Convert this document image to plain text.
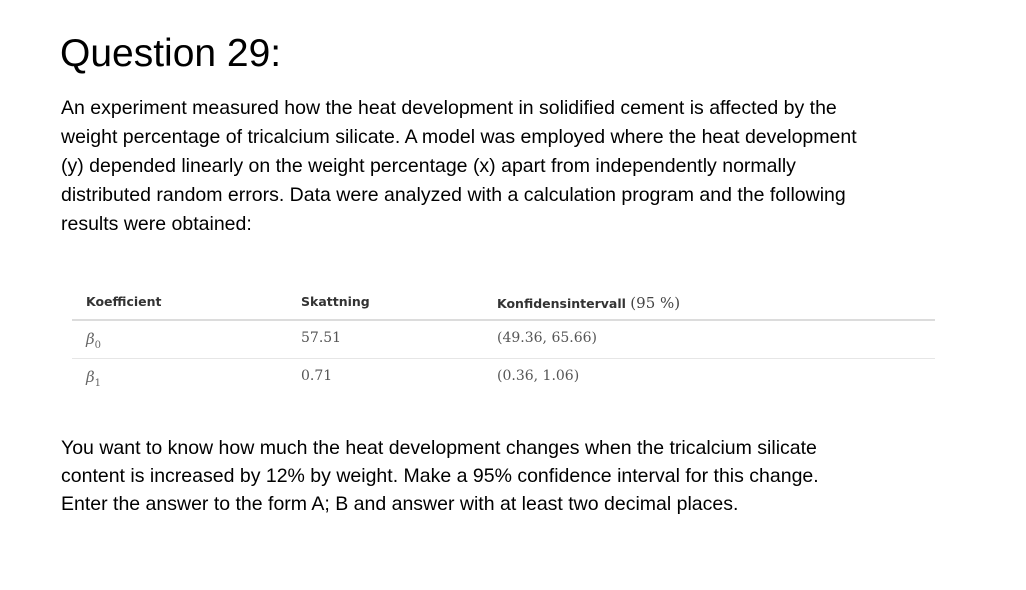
Question 29:

An experiment measured how the heat development in solidified cement is affected by the
weight percentage of tricalcium silicate. A model was employed where the heat development
(y) depended linearly on the weight percentage (x) apart from independently normally
distributed random errors. Data were analyzed with a calculation program and the following
results were obtained:

Koefficient	Skattning	Konfidensintervall (95 %)
$\beta_0$	57.51	(49.36, 65.66)
$\beta_1$	0.71	(0.36, 1.06)

You want to know how much the heat development changes when the tricalcium silicate
content is increased by 12% by weight. Make a 95% confidence interval for this change.
Enter the answer to the form A; B and answer with at least two decimal places.
